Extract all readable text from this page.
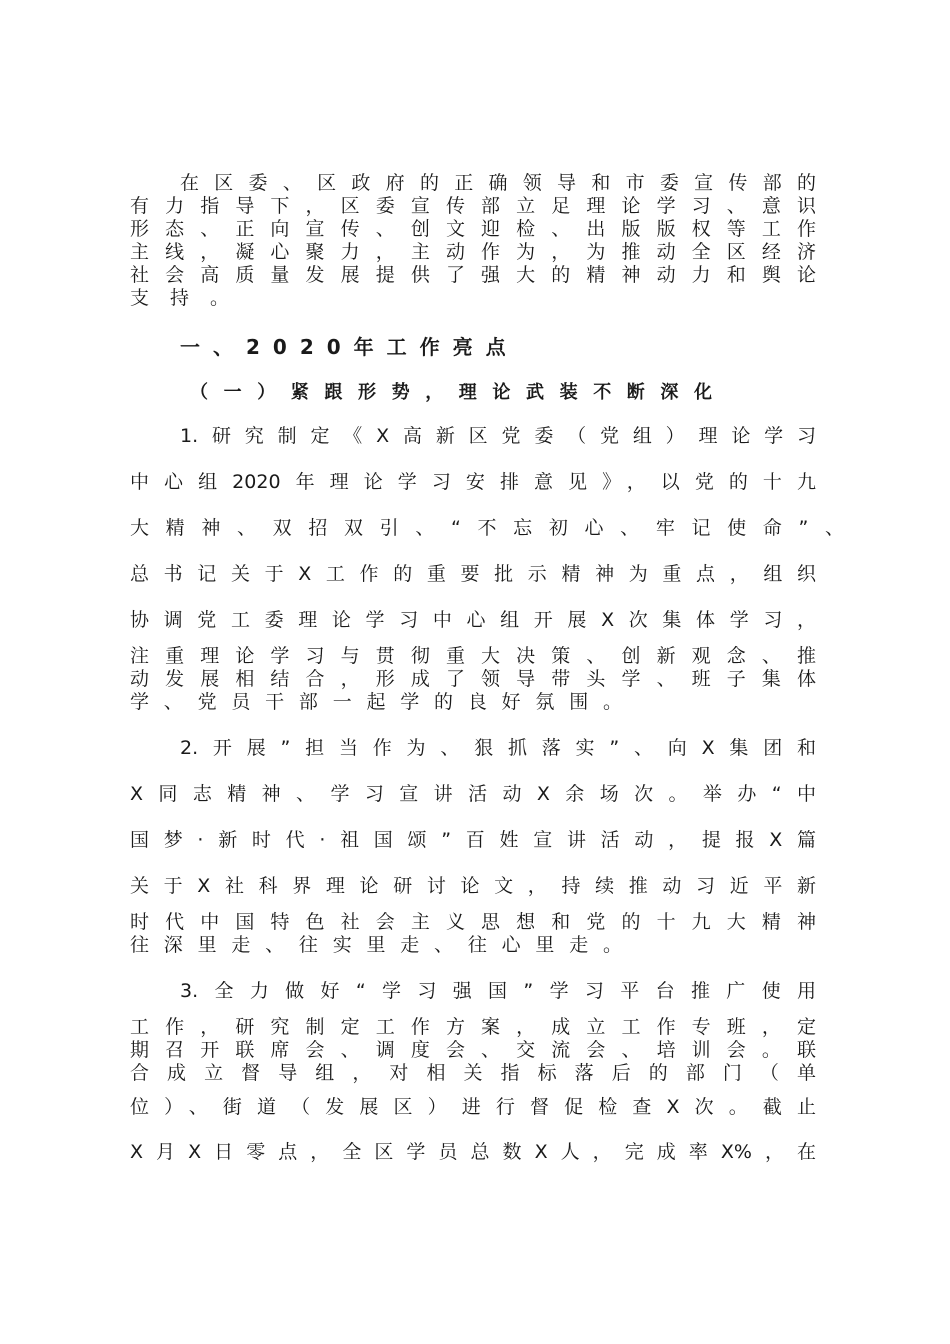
在区委、区政府的正确领导和市委宣传部的
有力指导下，区委宣传部立足理论学习、意识
形态、正向宣传、创文迎检、出版版权等工作
主线，凝心聚力，主动作为，为推动全区经济
社会高质量发展提供了强大的精神动力和舆论
支持。
一、2020年工作亮点
（一）紧跟形势，理论武装不断深化
1.研究制定《X高新区党委（党组）理论学习
中心组2020年理论学习安排意见》，以党的十九
大精神、双招双引、“不忘初心、牢记使命”、
总书记关于X工作的重要批示精神为重点，组织
协调党工委理论学习中心组开展X次集体学习，
注重理论学习与贯彻重大决策、创新观念、推
动发展相结合，形成了领导带头学、班子集体
学、党员干部一起学的良好氛围。
2.开展”担当作为、狠抓落实”、向X集团和
X同志精神、学习宣讲活动X余场次。举办“中
国梦·新时代·祖国颂”百姓宣讲活动，提报X篇
关于X社科界理论研讨论文，持续推动习近平新
时代中国特色社会主义思想和党的十九大精神
往深里走、往实里走、往心里走。
3.全力做好“学习强国”学习平台推广使用
工作，研究制定工作方案，成立工作专班，定
期召开联席会、调度会、交流会、培训会。联
合成立督导组，对相关指标落后的部门（单
位）、街道（发展区）进行督促检查X次。截止
X月X日零点，全区学员总数X人，完成率X%，在
